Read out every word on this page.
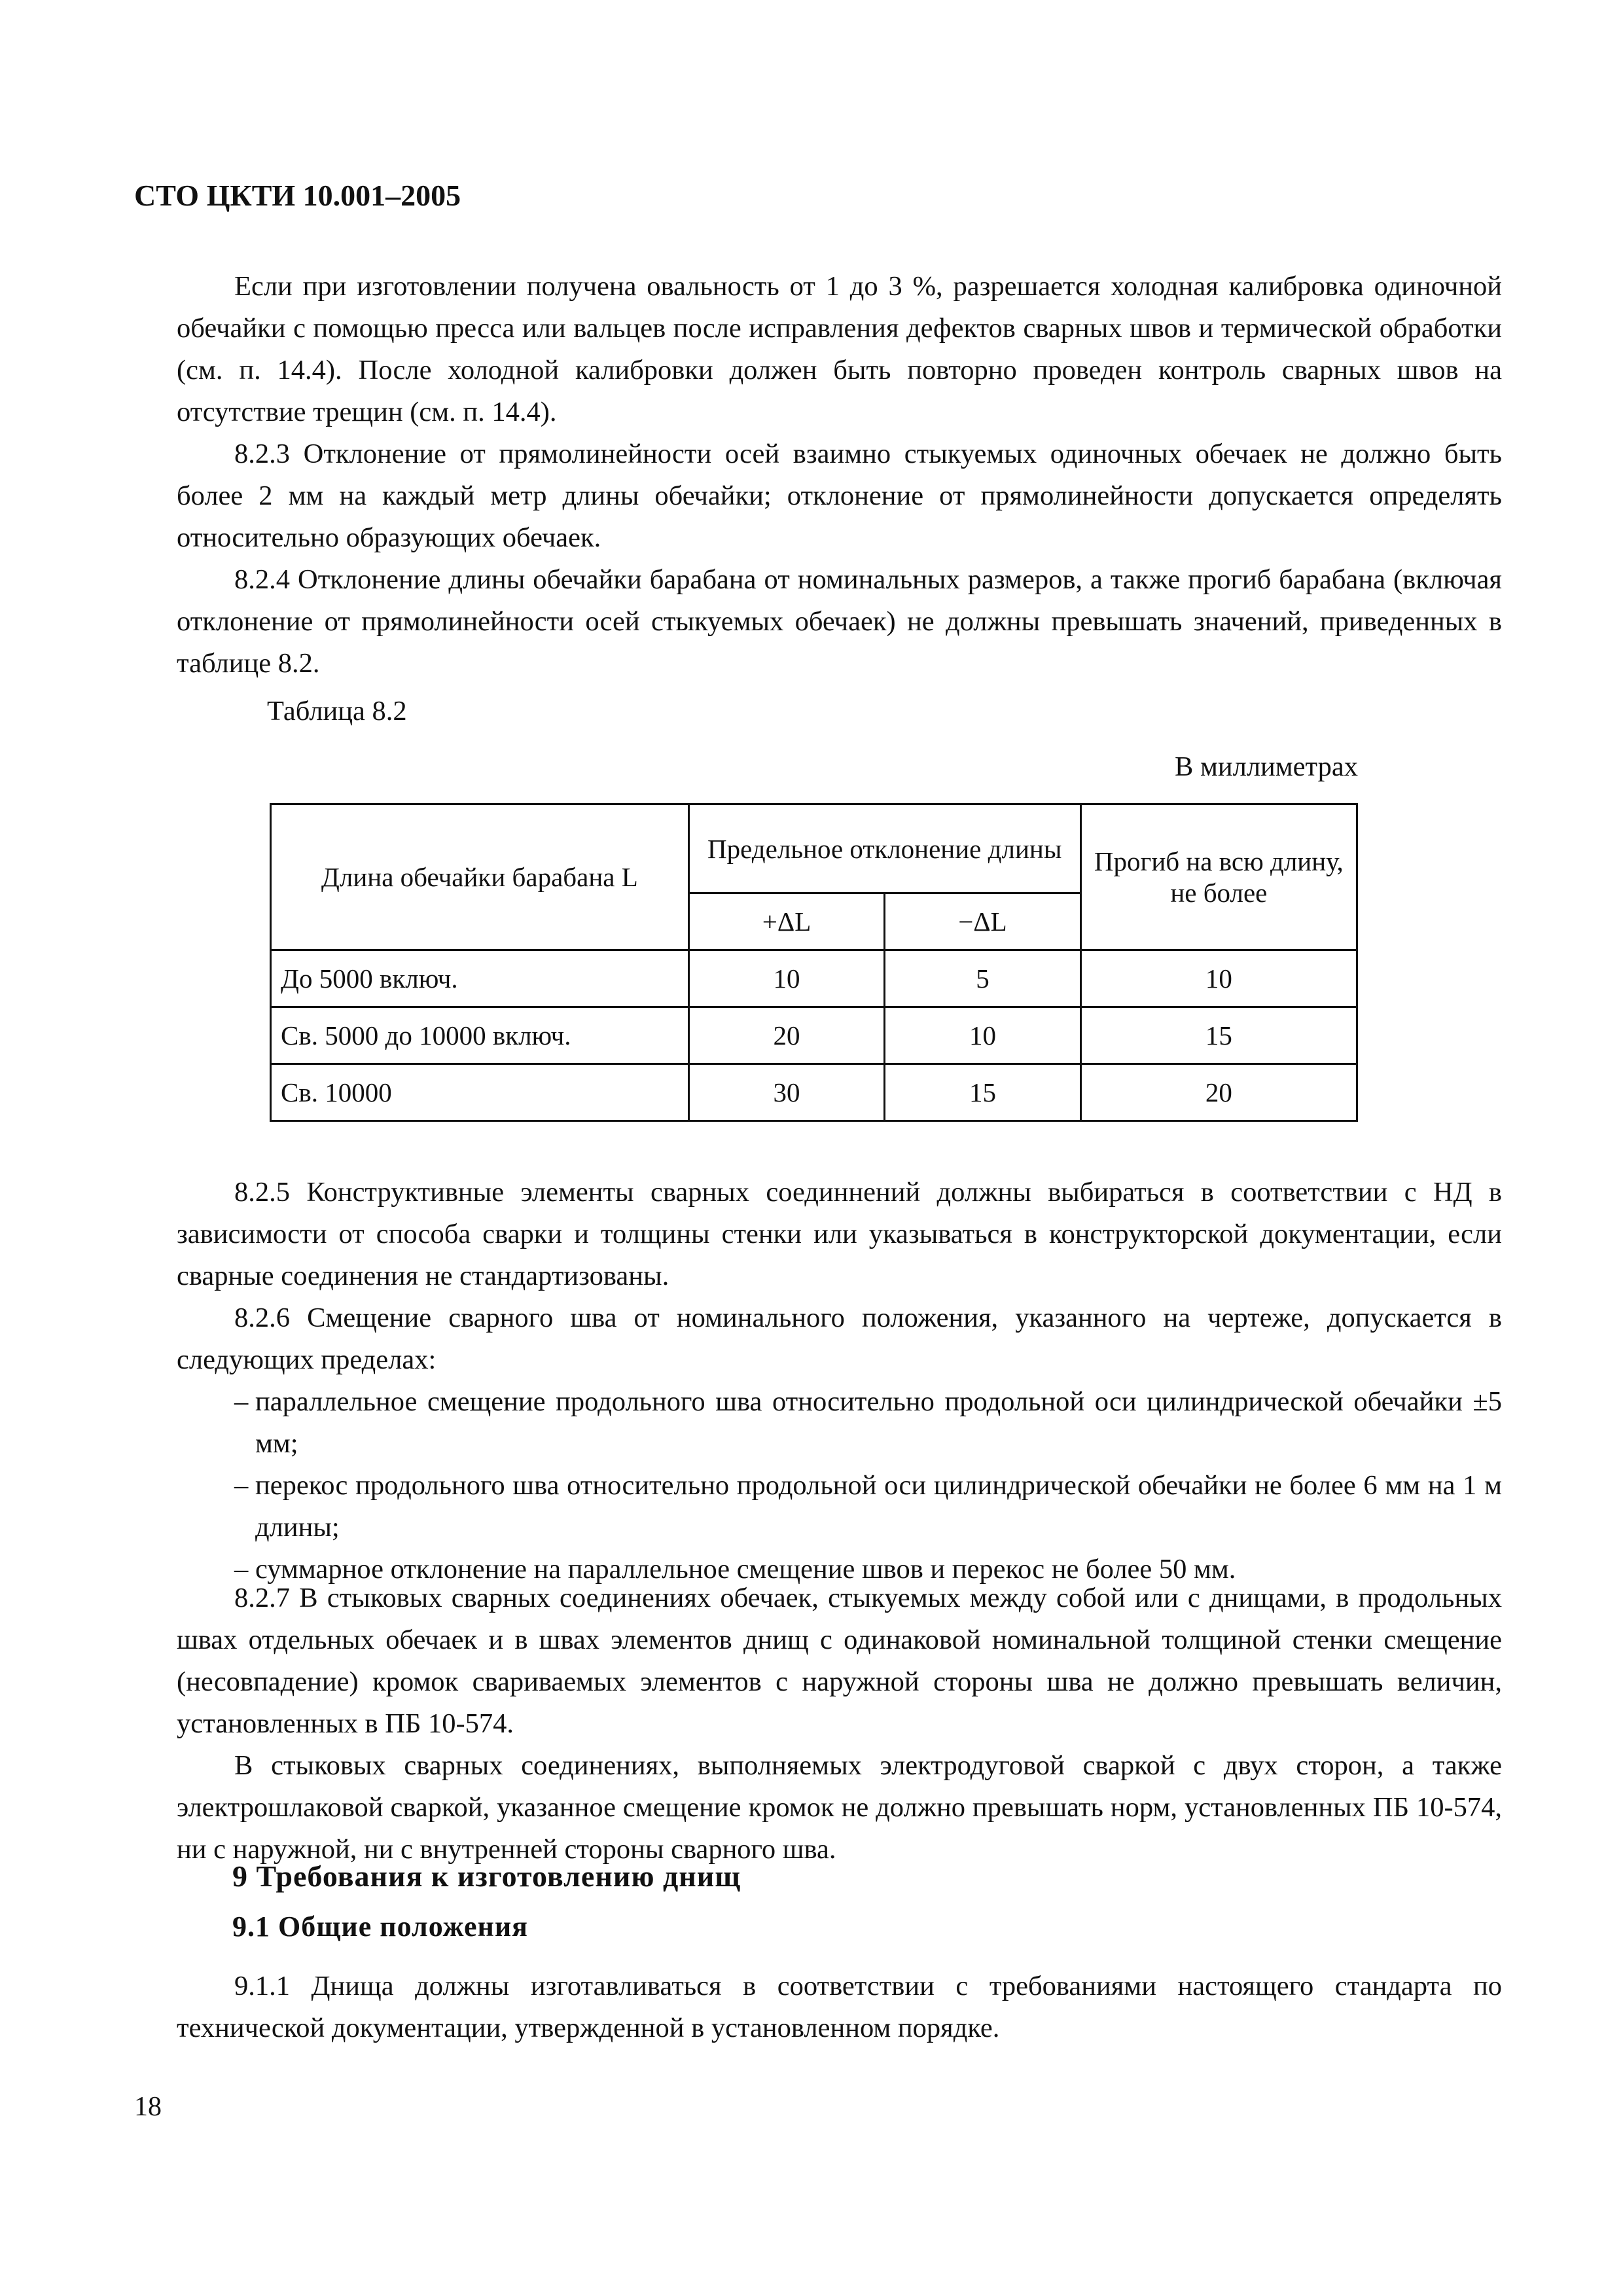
СТО ЦКТИ 10.001–2005

Если при изготовлении получена овальность от 1 до 3 %, разрешается холодная калибровка одиночной обечайки с помощью пресса или вальцев после исправления дефектов сварных швов и термической обработки (см. п. 14.4). После холодной калибровки должен быть повторно проведен контроль сварных швов на отсутствие трещин (см. п. 14.4).

8.2.3 Отклонение от прямолинейности осей взаимно стыкуемых одиночных обечаек не должно быть более 2 мм на каждый метр длины обечайки; отклонение от прямолинейности допускается определять относительно образующих обечаек.

8.2.4 Отклонение длины обечайки барабана от номинальных размеров, а также прогиб барабана (включая отклонение от прямолинейности осей стыкуемых обечаек) не должны превышать значений, приведенных в таблице 8.2.

Таблица 8.2
В миллиметрах
Длина обечайки барабана L	Предельное отклонение длины		Прогиб на всю длину, не более
	+ΔL	−ΔL	
До 5000 включ.	10	5	10
Св. 5000 до 10000 включ.	20	10	15
Св. 10000	30	15	20

8.2.5 Конструктивные элементы сварных соединнений должны выбираться в соответствии с НД в зависимости от способа сварки и толщины стенки или указываться в конструкторской документации, если сварные соединения не стандартизованы.

8.2.6 Смещение сварного шва от номинального положения, указанного на чертеже, допускается в следующих пределах:

– параллельное смещение продольного шва относительно продольной оси цилиндрической обечайки ±5 мм;
– перекос продольного шва относительно продольной оси цилиндрической обечайки не более 6 мм на 1 м длины;
– суммарное отклонение на параллельное смещение швов и перекос не более 50 мм.

8.2.7 В стыковых сварных соединениях обечаек, стыкуемых между собой или с днищами, в продольных швах отдельных обечаек и в швах элементов днищ с одинаковой номинальной толщиной стенки смещение (несовпадение) кромок свариваемых элементов с наружной стороны шва не должно превышать величин, установленных в ПБ 10-574.

В стыковых сварных соединениях, выполняемых электродуговой сваркой с двух сторон, а также электрошлаковой сваркой, указанное смещение кромок не должно превышать норм, установленных ПБ 10-574, ни с наружной, ни с внутренней стороны сварного шва.

9 Требования к изготовлению днищ
9.1 Общие положения

9.1.1 Днища должны изготавливаться в соответствии с требованиями настоящего стандарта по технической документации, утвержденной в установленном порядке.

18
